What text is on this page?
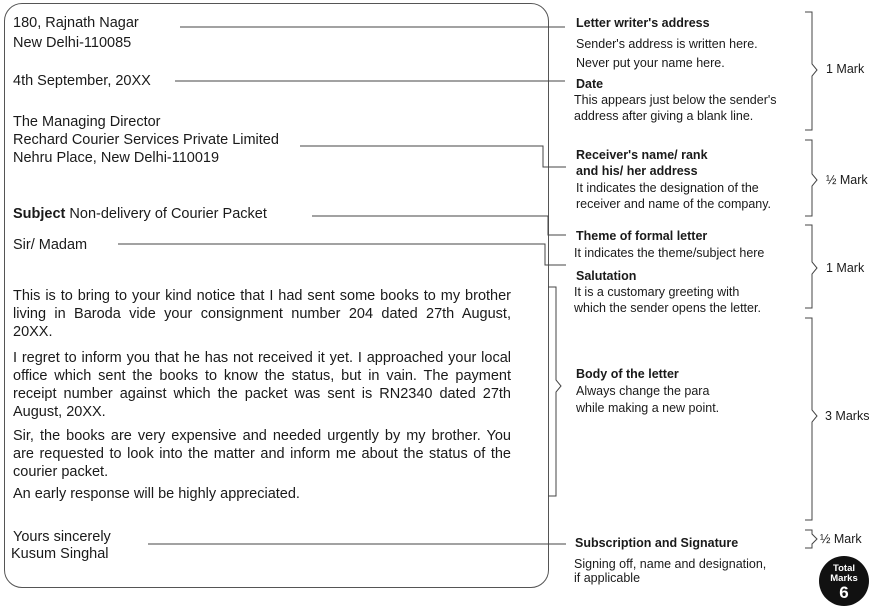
180, Rajnath Nagar
New Delhi-110085
4th September, 20XX
The Managing Director
Rechard Courier Services Private Limited
Nehru Place, New Delhi-110019
Subject Non-delivery of Courier Packet
Sir/ Madam
This is to bring to your kind notice that I had sent some books to my brother living in Baroda vide your consignment number 204 dated 27th August, 20XX.
I regret to inform you that he has not received it yet. I approached your local office which sent the books to know the status, but in vain. The payment receipt number against which the packet was sent is RN2340 dated 27th August, 20XX.
Sir, the books are very expensive and needed urgently by my brother. You are requested to look into the matter and inform me about the status of the courier packet.
An early response will be highly appreciated.
Yours sincerely
Kusum Singhal
Letter writer's address
Sender's address is written here.
Never put your name here.
Date
This appears just below the sender's
address after giving a blank line.
Receiver's name/ rank
and his/ her address
It indicates the designation of the
receiver and name of the company.
Theme of formal letter
It indicates the theme/subject here
Salutation
It is a customary greeting with
which the sender opens the letter.
Body of the letter
Always change the para
while making a new point.
Subscription and Signature
Signing off, name and designation,
if applicable
1 Mark
½ Mark
1 Mark
3 Marks
½ Mark
Total
Marks
6
